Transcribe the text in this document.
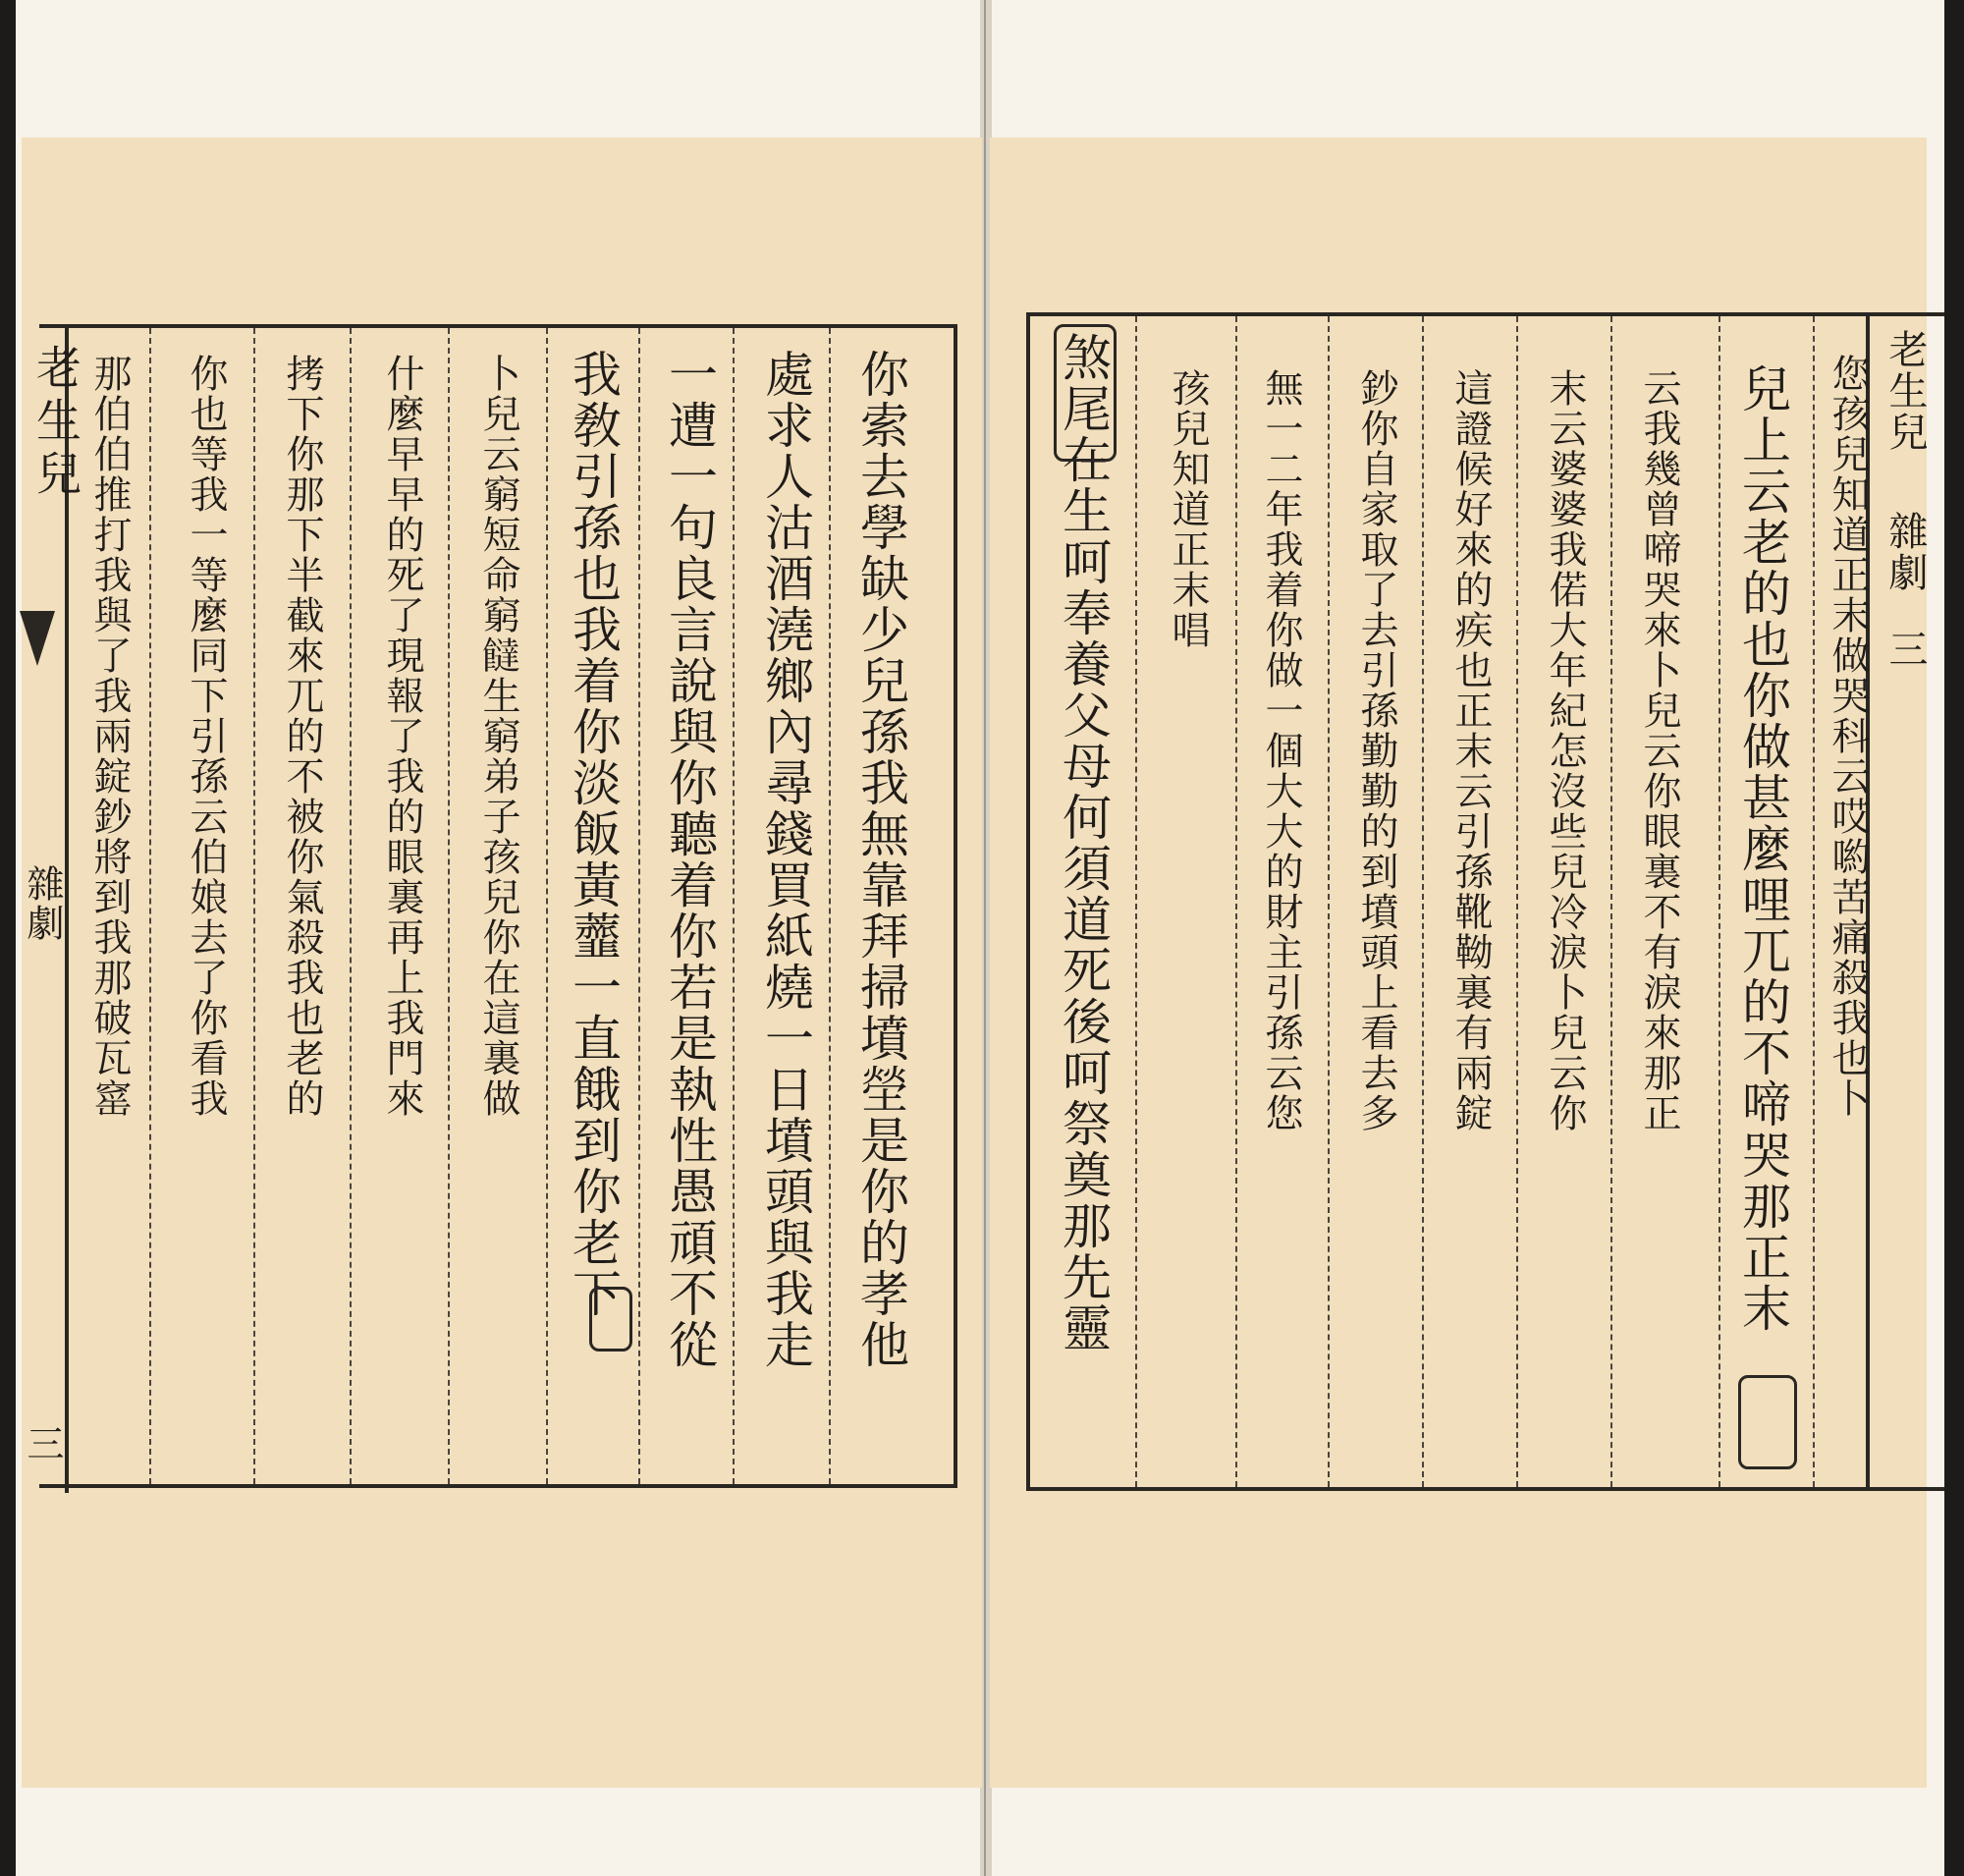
老生兒
雜劇
三
你索去學缺少兒孫我無靠拜掃墳塋是你的孝他
處求人沽酒澆鄉內尋錢買紙燒一日墳頭與我走
一遭一句良言說與你聽着你若是執性愚頑不從
我敎引孫也我着你淡飯黃虀一直餓到你老下
卜兒云窮短命窮𩟐生窮弟子孩兒你在這裏做
什麼早早的死了現報了我的眼裏再上我門來
拷下你那下半截來兀的不被你氣殺我也老的
你也等我一等麼同下引孫云伯娘去了你看我
那伯伯推打我與了我兩錠鈔將到我那破瓦窰	老生兒
雜劇
三
您孩兒知道正末做哭科云哎喲苦痛殺我也卜
兒上云老的也你做甚麼哩兀的不啼哭那正末
云我幾曾啼哭來卜兒云你眼裏不有淚來那正
末云婆婆我偌大年紀怎沒些兒冷淚卜兒云你
這證候好來的疾也正末云引孫靴靿裏有兩錠
鈔你自家取了去引孫勤勤的到墳頭上看去多
無一二年我着你做一個大大的財主引孫云您
孩兒知道正末唱
煞尾在生呵奉養父母何須道死後呵祭奠那先靈
